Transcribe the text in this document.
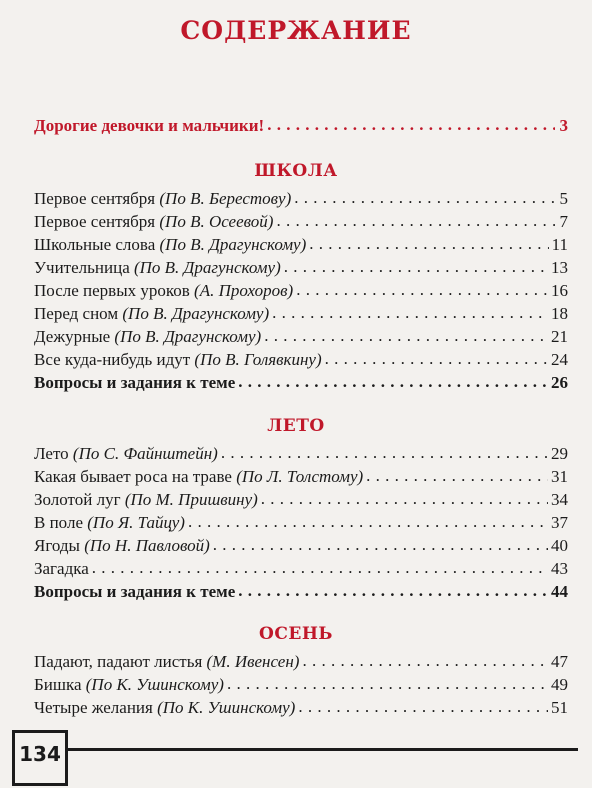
СОДЕРЖАНИЕ
Дорогие девочки и мальчики! . . .	3
ШКОЛА
Первое сентября (По В. Берестову) . . .	5
Первое сентября (По В. Осеевой) . . .	7
Школьные слова (По В. Драгунскому) . . .	11
Учительница (По В. Драгунскому) . . .	13
После первых уроков (А. Прохоров) . . .	16
Перед сном (По В. Драгунскому) . . .	18
Дежурные (По В. Драгунскому) . . .	21
Все куда-нибудь идут (По В. Голявкину) . . .	24
Вопросы и задания к теме . . .	26
ЛЕТО
Лето (По С. Файнштейн) . . .	29
Какая бывает роса на траве (По Л. Толстому) . . .	31
Золотой луг (По М. Пришвину) . . .	34
В поле (По Я. Тайцу) . . .	37
Ягоды (По Н. Павловой) . . .	40
Загадка . . .	43
Вопросы и задания к теме . . .	44
ОСЕНЬ
Падают, падают листья (М. Ивенсен) . . .	47
Бишка (По К. Ушинскому) . . .	49
Четыре желания (По К. Ушинскому) . . .	51
134
